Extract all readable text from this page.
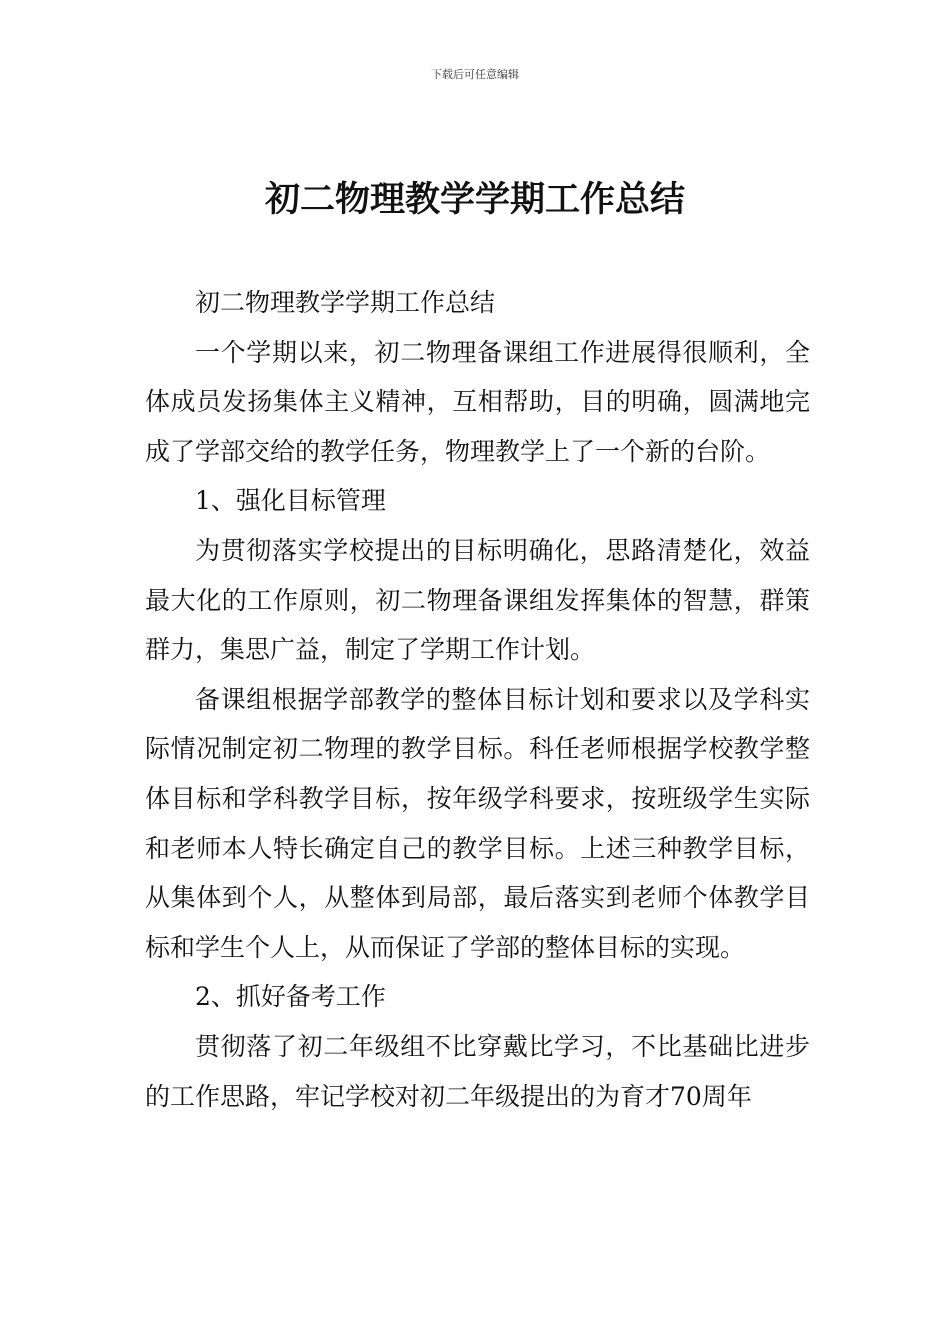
下载后可任意编辑
初二物理教学学期工作总结

初二物理教学学期工作总结

一个学期以来，初二物理备课组工作进展得很顺利，全体成员发扬集体主义精神，互相帮助，目的明确，圆满地完成了学部交给的教学任务，物理教学上了一个新的台阶。

1、强化目标管理

为贯彻落实学校提出的目标明确化，思路清楚化，效益最大化的工作原则，初二物理备课组发挥集体的智慧，群策群力，集思广益，制定了学期工作计划。

备课组根据学部教学的整体目标计划和要求以及学科实际情况制定初二物理的教学目标。科任老师根据学校教学整体目标和学科教学目标，按年级学科要求，按班级学生实际和老师本人特长确定自己的教学目标。上述三种教学目标，从集体到个人，从整体到局部，最后落实到老师个体教学目标和学生个人上，从而保证了学部的整体目标的实现。

2、抓好备考工作

贯彻落了初二年级组不比穿戴比学习，不比基础比进步的工作思路，牢记学校对初二年级提出的为育才70周年
